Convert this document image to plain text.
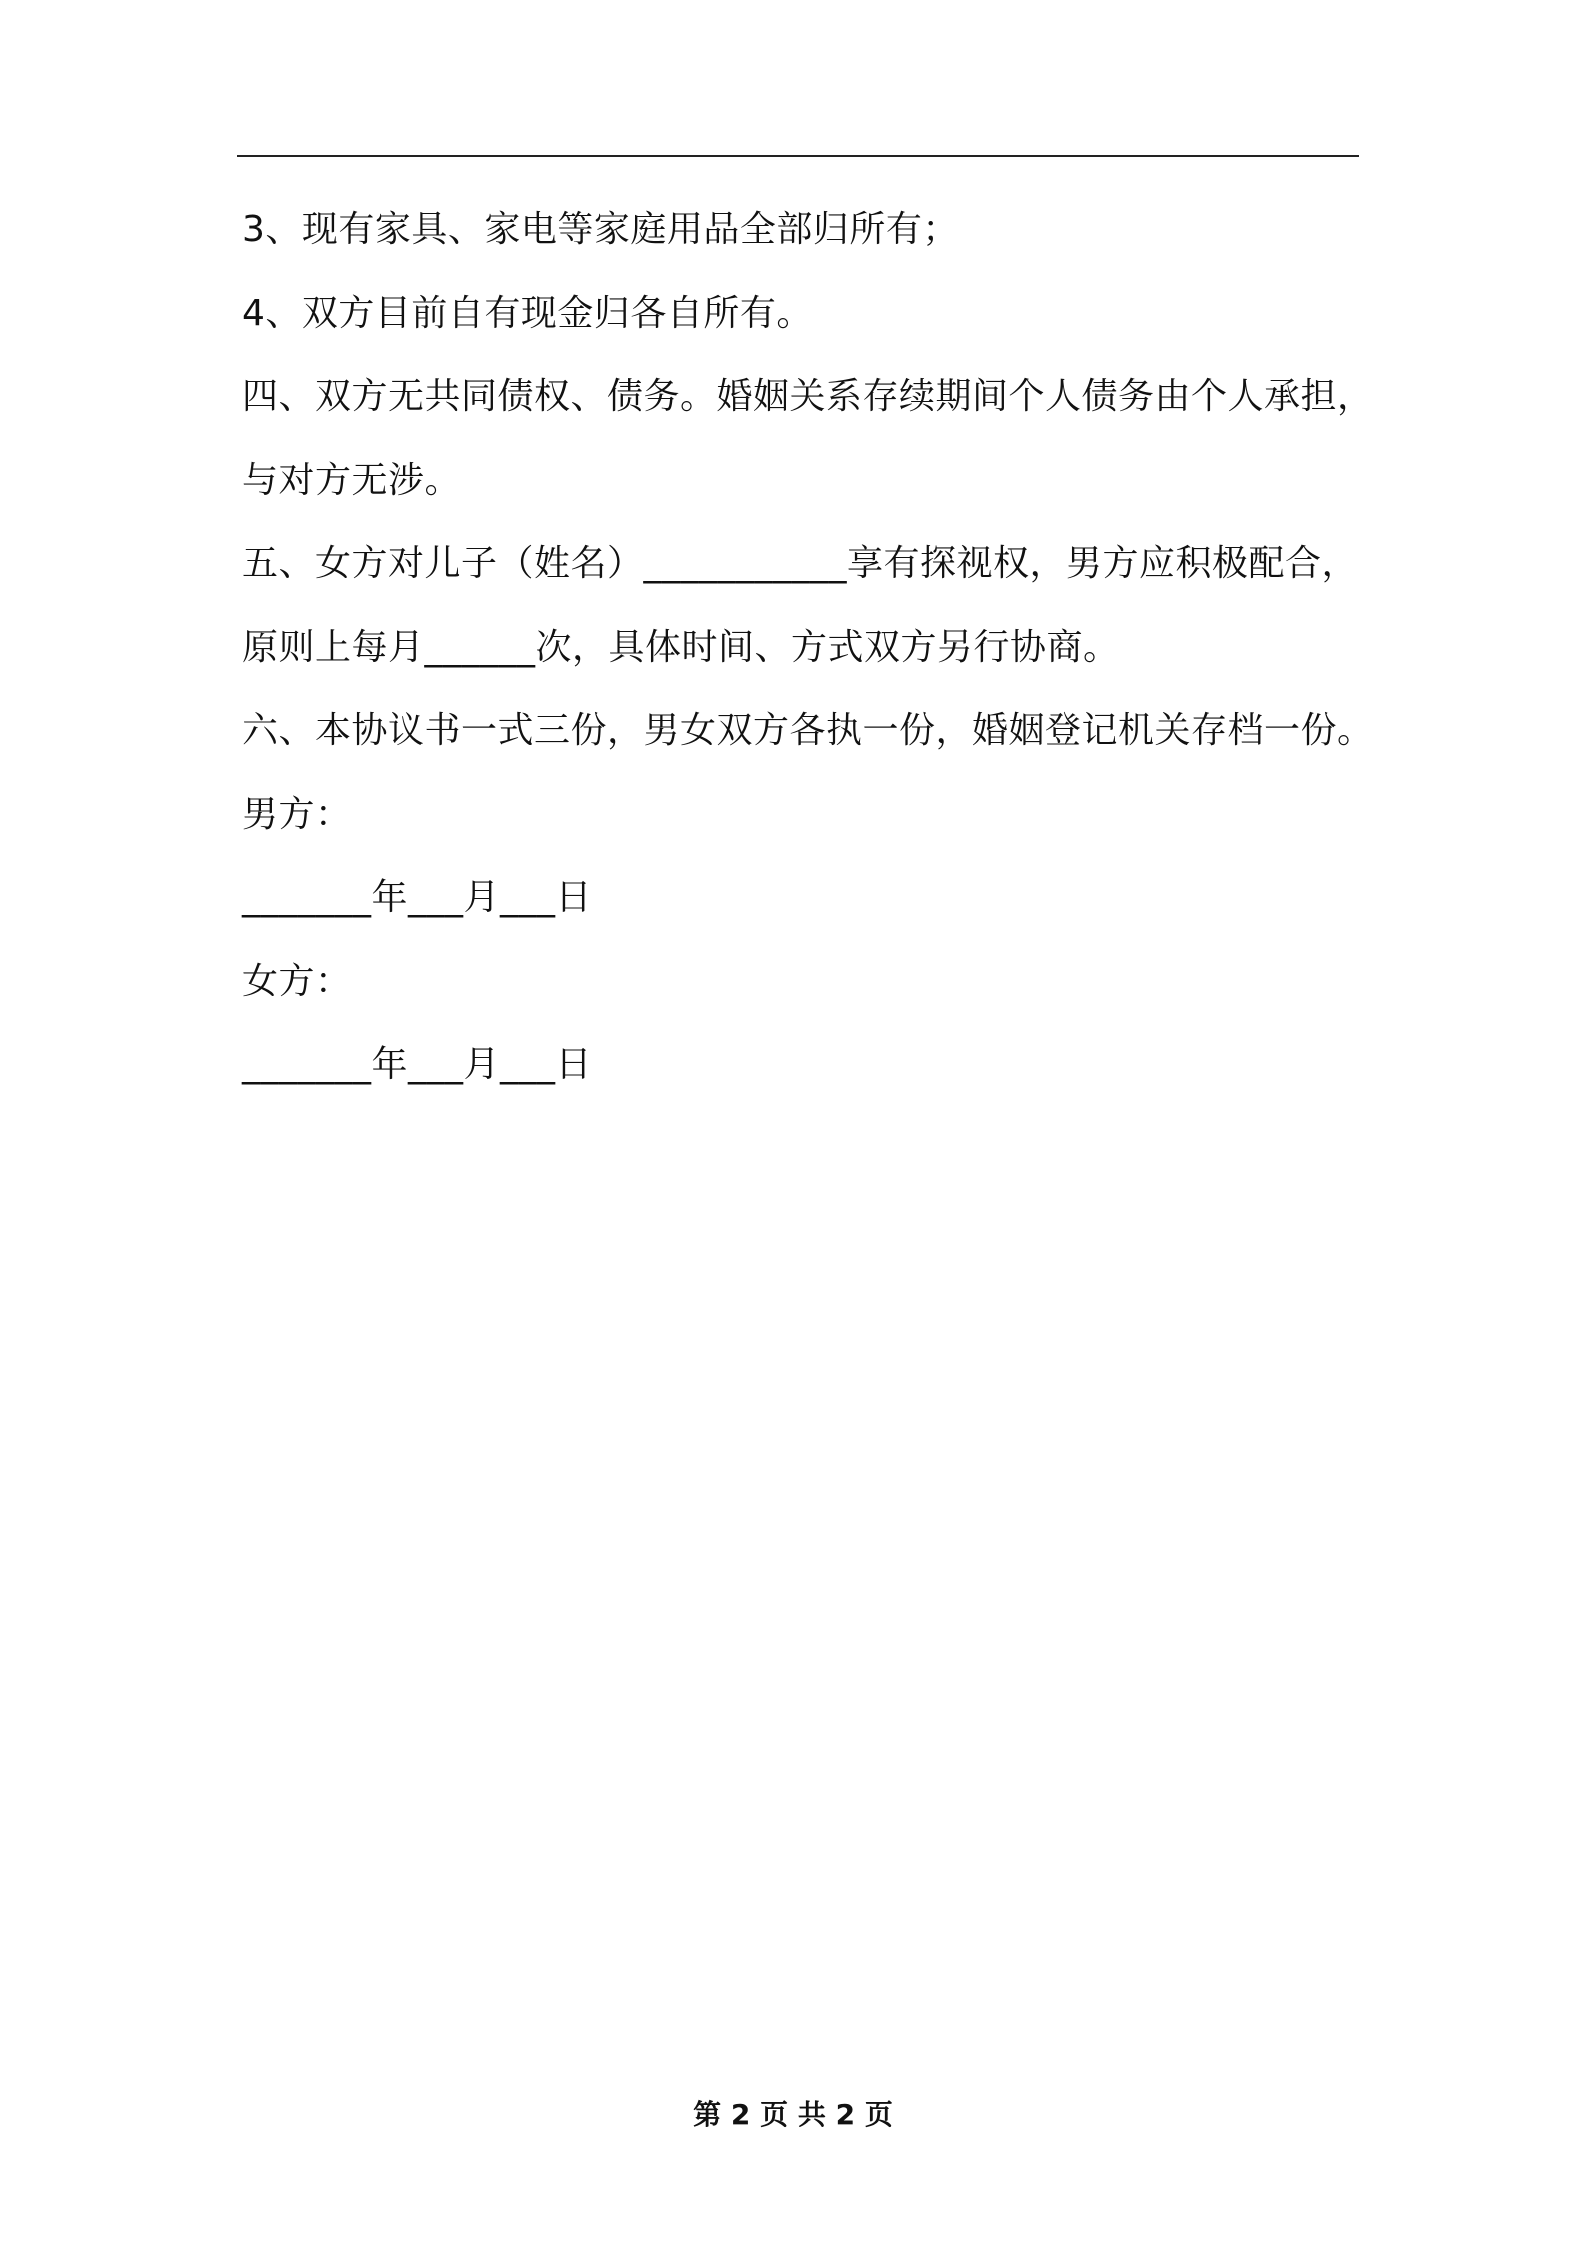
3、现有家具、家电等家庭用品全部归所有；
4、双方目前自有现金归各自所有。
四、双方无共同债权、债务。婚姻关系存续期间个人债务由个人承担，
与对方无涉。
五、女方对儿子（姓名）___________享有探视权，男方应积极配合，
原则上每月______次，具体时间、方式双方另行协商。
六、本协议书一式三份，男女双方各执一份，婚姻登记机关存档一份。
男方：
_______年___月___日
女方：
_______年___月___日
第 2 页 共 2 页
